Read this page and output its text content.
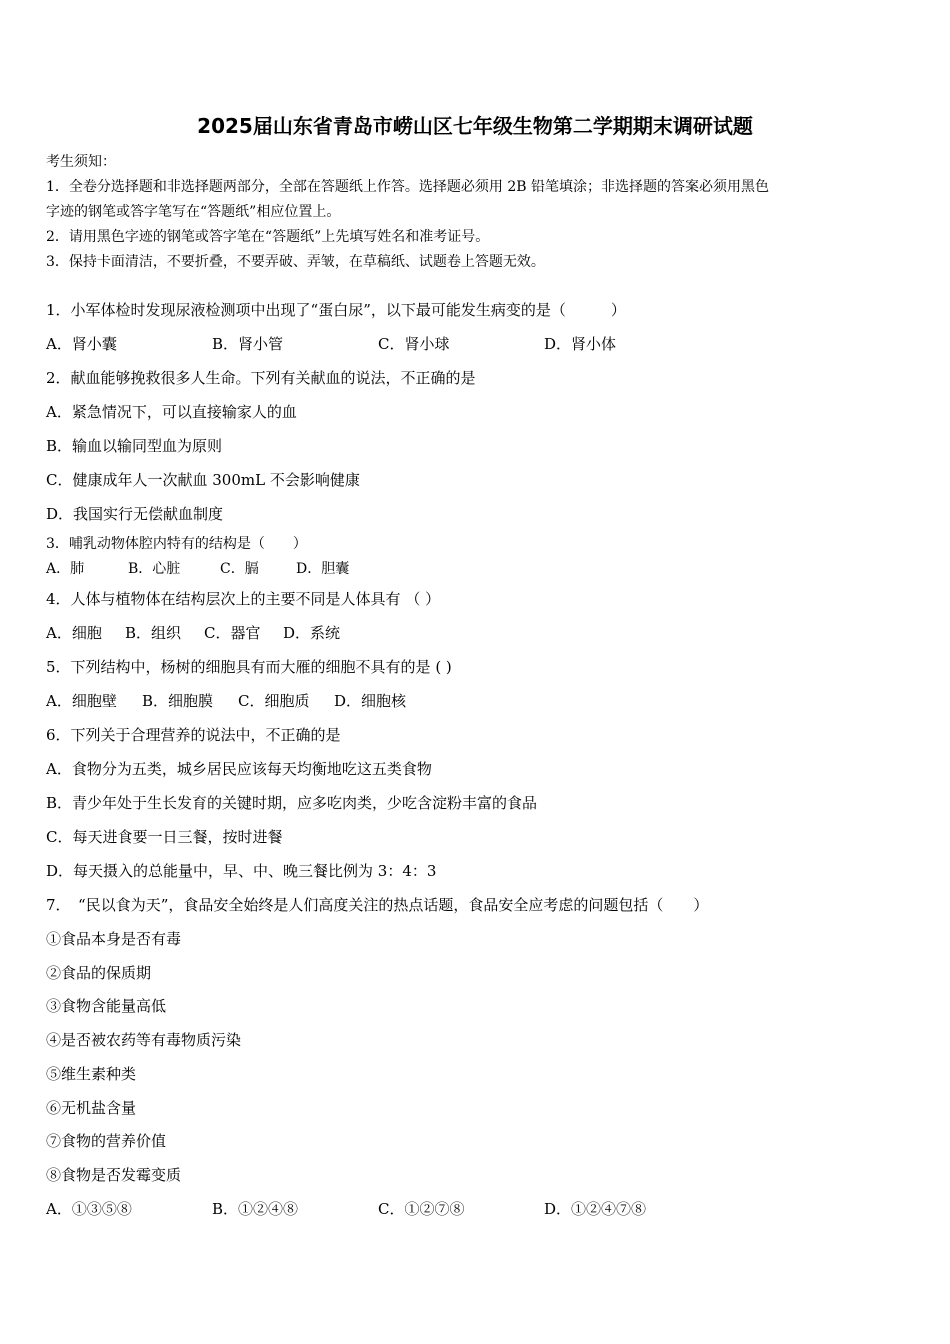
2025届山东省青岛市崂山区七年级生物第二学期期末调研试题
考生须知：
1．全卷分选择题和非选择题两部分，全部在答题纸上作答。选择题必须用 2B 铅笔填涂；非选择题的答案必须用黑色
字迹的钢笔或答字笔写在“答题纸”相应位置上。
2．请用黑色字迹的钢笔或答字笔在“答题纸”上先填写姓名和准考证号。
3．保持卡面清洁，不要折叠，不要弄破、弄皱，在草稿纸、试题卷上答题无效。
1．小军体检时发现尿液检测项中出现了“蛋白尿”，以下最可能发生病变的是（　　　）
A．肾小囊	B．肾小管	C．肾小球	D．肾小体
2．献血能够挽救很多人生命。下列有关献血的说法，不正确的是
A．紧急情况下，可以直接输家人的血
B．输血以输同型血为原则
C．健康成年人一次献血 300mL 不会影响健康
D．我国实行无偿献血制度
3．哺乳动物体腔内特有的结构是（　　）
A．肺	B．心脏	C．膈	D．胆囊
4．人体与植物体在结构层次上的主要不同是人体具有 （ ）
A．细胞 B．组织 C．器官 D．系统
5．下列结构中，杨树的细胞具有而大雁的细胞不具有的是 ( )
A．细胞壁 B．细胞膜 C．细胞质 D．细胞核
6．下列关于合理营养的说法中，不正确的是
A．食物分为五类，城乡居民应该每天均衡地吃这五类食物
B．青少年处于生长发育的关键时期，应多吃肉类，少吃含淀粉丰富的食品
C．每天进食要一日三餐，按时进餐
D．每天摄入的总能量中，早、中、晚三餐比例为 3：4：3
7．　“民以食为天”，食品安全始终是人们高度关注的热点话题，食品安全应考虑的问题包括（　　）
①食品本身是否有毒
②食品的保质期
③食物含能量高低
④是否被农药等有毒物质污染
⑤维生素种类
⑥无机盐含量
⑦食物的营养价值
⑧食物是否发霉变质
A．①③⑤⑧	B．①②④⑧	C．①②⑦⑧	D．①②④⑦⑧
